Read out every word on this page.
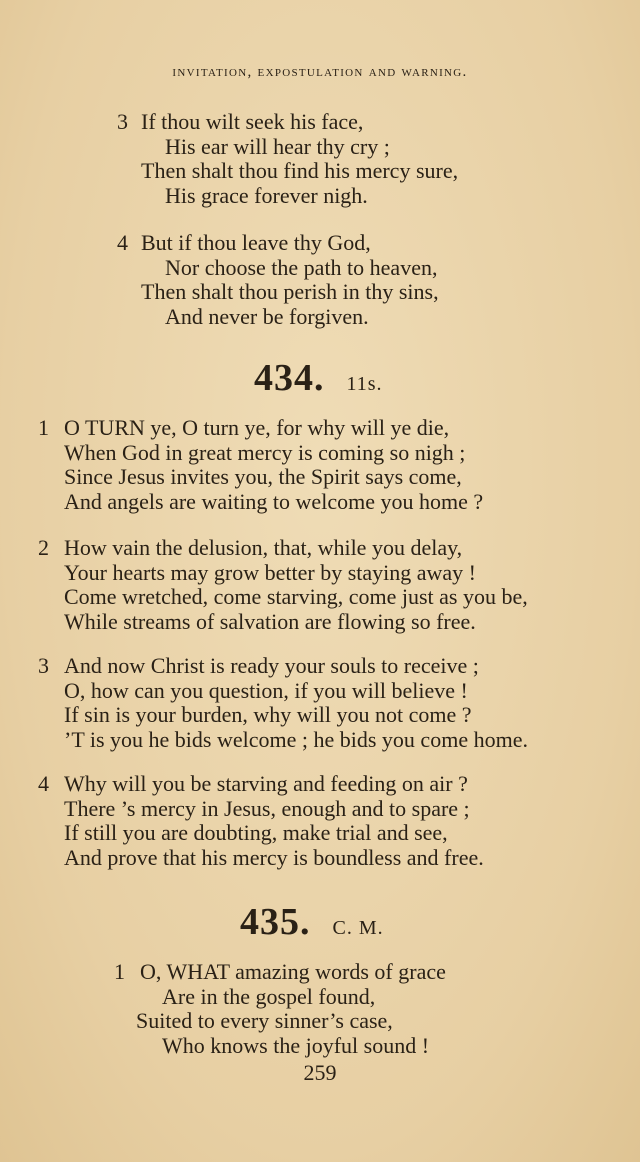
invitation, expostulation and warning.
3 If thou wilt seek his face,
His ear will hear thy cry ;
Then shalt thou find his mercy sure,
His grace forever nigh.
4 But if thou leave thy God,
Nor choose the path to heaven,
Then shalt thou perish in thy sins,
And never be forgiven.
434. 11s.
1 O TURN ye, O turn ye, for why will ye die,
When God in great mercy is coming so nigh ;
Since Jesus invites you, the Spirit says come,
And angels are waiting to welcome you home ?
2 How vain the delusion, that, while you delay,
Your hearts may grow better by staying away !
Come wretched, come starving, come just as you be,
While streams of salvation are flowing so free.
3 And now Christ is ready your souls to receive ;
O, how can you question, if you will believe !
If sin is your burden, why will you not come ?
’T is you he bids welcome ; he bids you come home.
4 Why will you be starving and feeding on air ?
There ’s mercy in Jesus, enough and to spare ;
If still you are doubting, make trial and see,
And prove that his mercy is boundless and free.
435. C. M.
1 O, WHAT amazing words of grace
Are in the gospel found,
Suited to every sinner’s case,
Who knows the joyful sound !
259
